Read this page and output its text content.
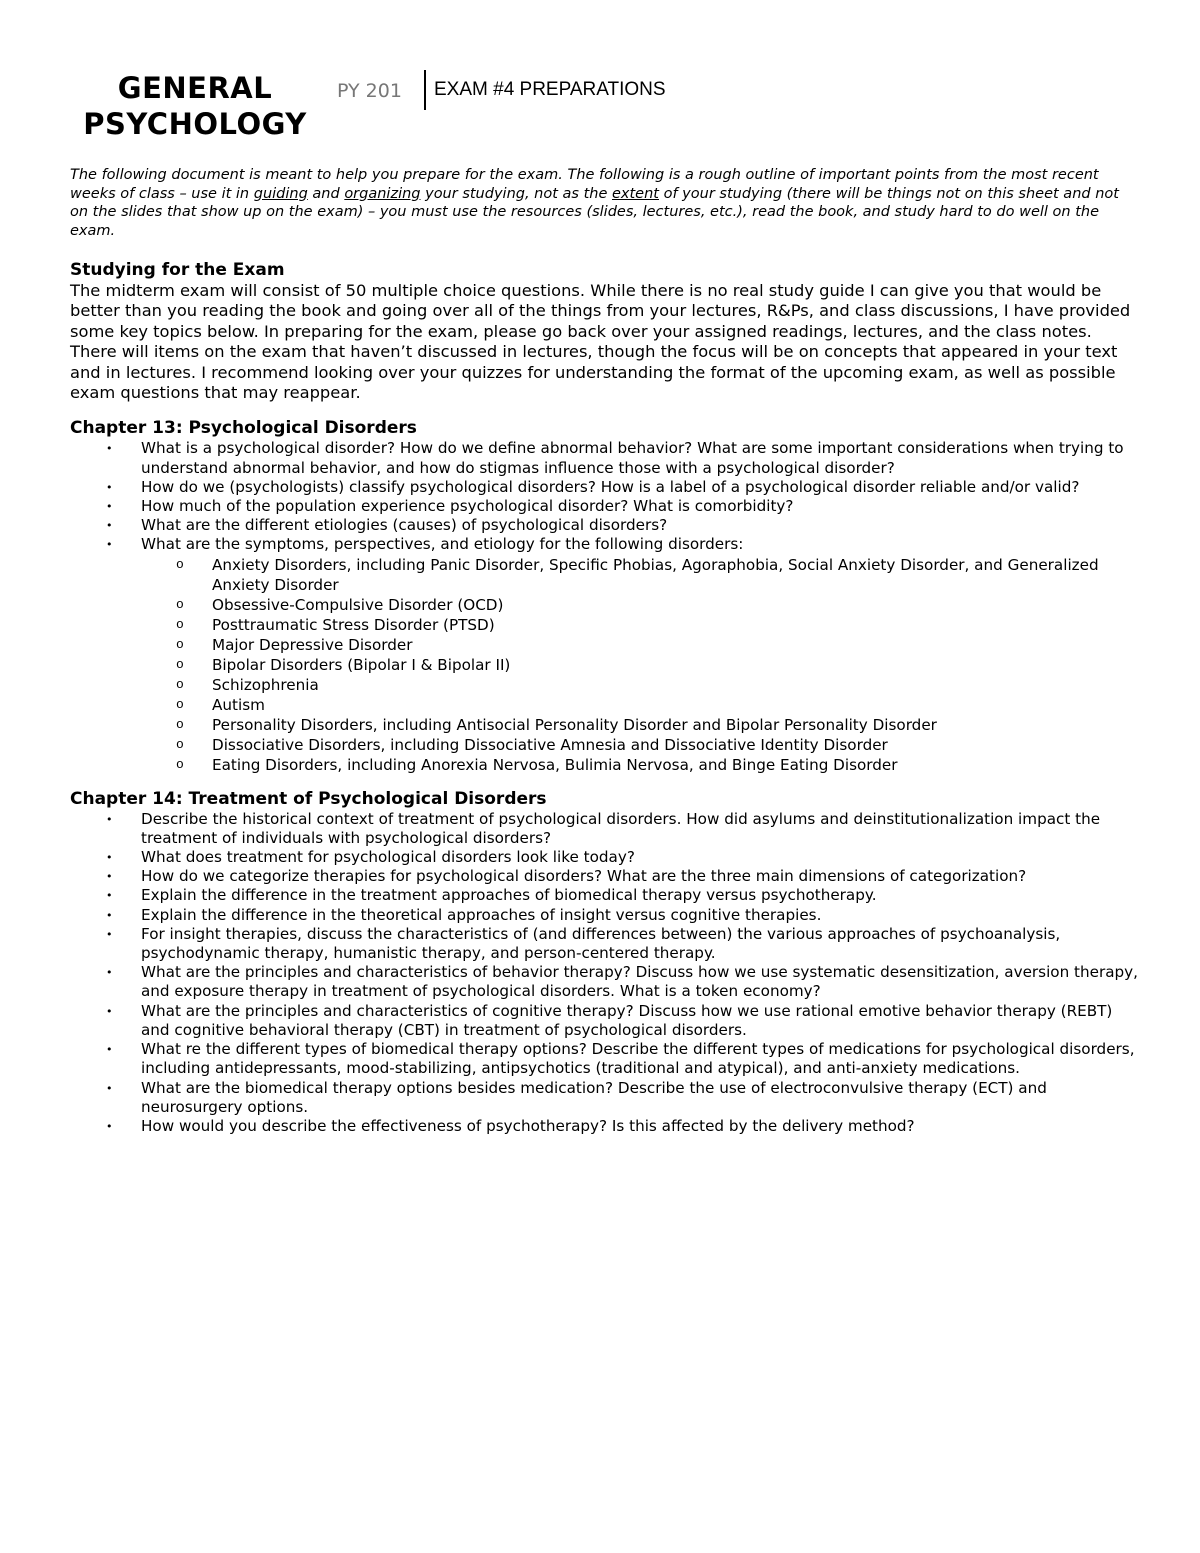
GENERAL
PSYCHOLOGY
PY 201 EXAM #4 PREPARATIONS
The following document is meant to help you prepare for the exam. The following is a rough outline of important points from the most recent weeks of class – use it in guiding and organizing your studying, not as the extent of your studying (there will be things not on this sheet and not on the slides that show up on the exam) – you must use the resources (slides, lectures, etc.), read the book, and study hard to do well on the exam.
Studying for the Exam

The midterm exam will consist of 50 multiple choice questions. While there is no real study guide I can give you that would be better than you reading the book and going over all of the things from your lectures, R&Ps, and class discussions, I have provided some key topics below. In preparing for the exam, please go back over your assigned readings, lectures, and the class notes. There will items on the exam that haven’t discussed in lectures, though the focus will be on concepts that appeared in your text and in lectures. I recommend looking over your quizzes for understanding the format of the upcoming exam, as well as possible exam questions that may reappear.

Chapter 13: Psychological Disorders
• What is a psychological disorder? How do we define abnormal behavior? What are some important considerations when trying to understand abnormal behavior, and how do stigmas influence those with a psychological disorder?
• How do we (psychologists) classify psychological disorders? How is a label of a psychological disorder reliable and/or valid?
• How much of the population experience psychological disorder? What is comorbidity?
• What are the different etiologies (causes) of psychological disorders?
• What are the symptoms, perspectives, and etiology for the following disorders:
o Anxiety Disorders, including Panic Disorder, Specific Phobias, Agoraphobia, Social Anxiety Disorder, and Generalized Anxiety Disorder
o Obsessive-Compulsive Disorder (OCD)
o Posttraumatic Stress Disorder (PTSD)
o Major Depressive Disorder
o Bipolar Disorders (Bipolar I & Bipolar II)
o Schizophrenia
o Autism
o Personality Disorders, including Antisocial Personality Disorder and Bipolar Personality Disorder
o Dissociative Disorders, including Dissociative Amnesia and Dissociative Identity Disorder
o Eating Disorders, including Anorexia Nervosa, Bulimia Nervosa, and Binge Eating Disorder
Chapter 14: Treatment of Psychological Disorders
• Describe the historical context of treatment of psychological disorders. How did asylums and deinstitutionalization impact the treatment of individuals with psychological disorders?
• What does treatment for psychological disorders look like today?
• How do we categorize therapies for psychological disorders? What are the three main dimensions of categorization?
• Explain the difference in the treatment approaches of biomedical therapy versus psychotherapy.
• Explain the difference in the theoretical approaches of insight versus cognitive therapies.
• For insight therapies, discuss the characteristics of (and differences between) the various approaches of psychoanalysis, psychodynamic therapy, humanistic therapy, and person-centered therapy.
• What are the principles and characteristics of behavior therapy? Discuss how we use systematic desensitization, aversion therapy, and exposure therapy in treatment of psychological disorders. What is a token economy?
• What are the principles and characteristics of cognitive therapy? Discuss how we use rational emotive behavior therapy (REBT) and cognitive behavioral therapy (CBT) in treatment of psychological disorders.
• What re the different types of biomedical therapy options? Describe the different types of medications for psychological disorders, including antidepressants, mood-stabilizing, antipsychotics (traditional and atypical), and anti-anxiety medications.
• What are the biomedical therapy options besides medication? Describe the use of electroconvulsive therapy (ECT) and neurosurgery options.
• How would you describe the effectiveness of psychotherapy? Is this affected by the delivery method?
